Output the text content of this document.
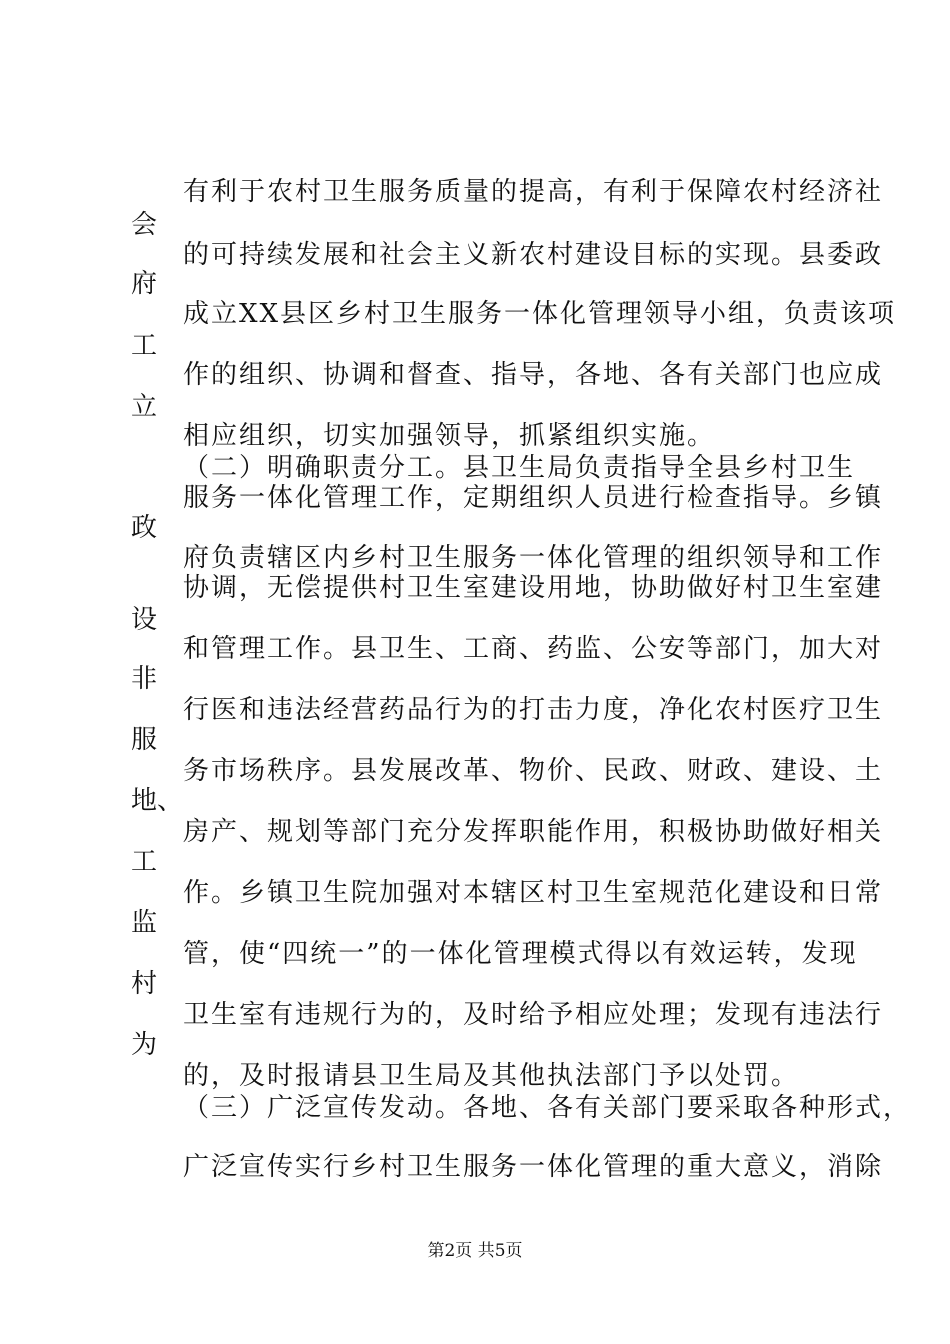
有利于农村卫生服务质量的提高，有利于保障农村经济社
会
的可持续发展和社会主义新农村建设目标的实现。县委政
府
成立XX县区乡村卫生服务一体化管理领导小组，负责该项
工
作的组织、协调和督查、指导，各地、各有关部门也应成
立
相应组织，切实加强领导，抓紧组织实施。
（二）明确职责分工。县卫生局负责指导全县乡村卫生
服务一体化管理工作，定期组织人员进行检查指导。乡镇
政
府负责辖区内乡村卫生服务一体化管理的组织领导和工作
协调，无偿提供村卫生室建设用地，协助做好村卫生室建
设
和管理工作。县卫生、工商、药监、公安等部门，加大对
非
行医和违法经营药品行为的打击力度，净化农村医疗卫生
服
务市场秩序。县发展改革、物价、民政、财政、建设、土
地、
房产、规划等部门充分发挥职能作用，积极协助做好相关
工
作。乡镇卫生院加强对本辖区村卫生室规范化建设和日常
监
管，使“四统一”的一体化管理模式得以有效运转，发现
村
卫生室有违规行为的，及时给予相应处理；发现有违法行
为
的，及时报请县卫生局及其他执法部门予以处罚。
（三）广泛宣传发动。各地、各有关部门要采取各种形式，
广泛宣传实行乡村卫生服务一体化管理的重大意义，消除
第2页 共5页
